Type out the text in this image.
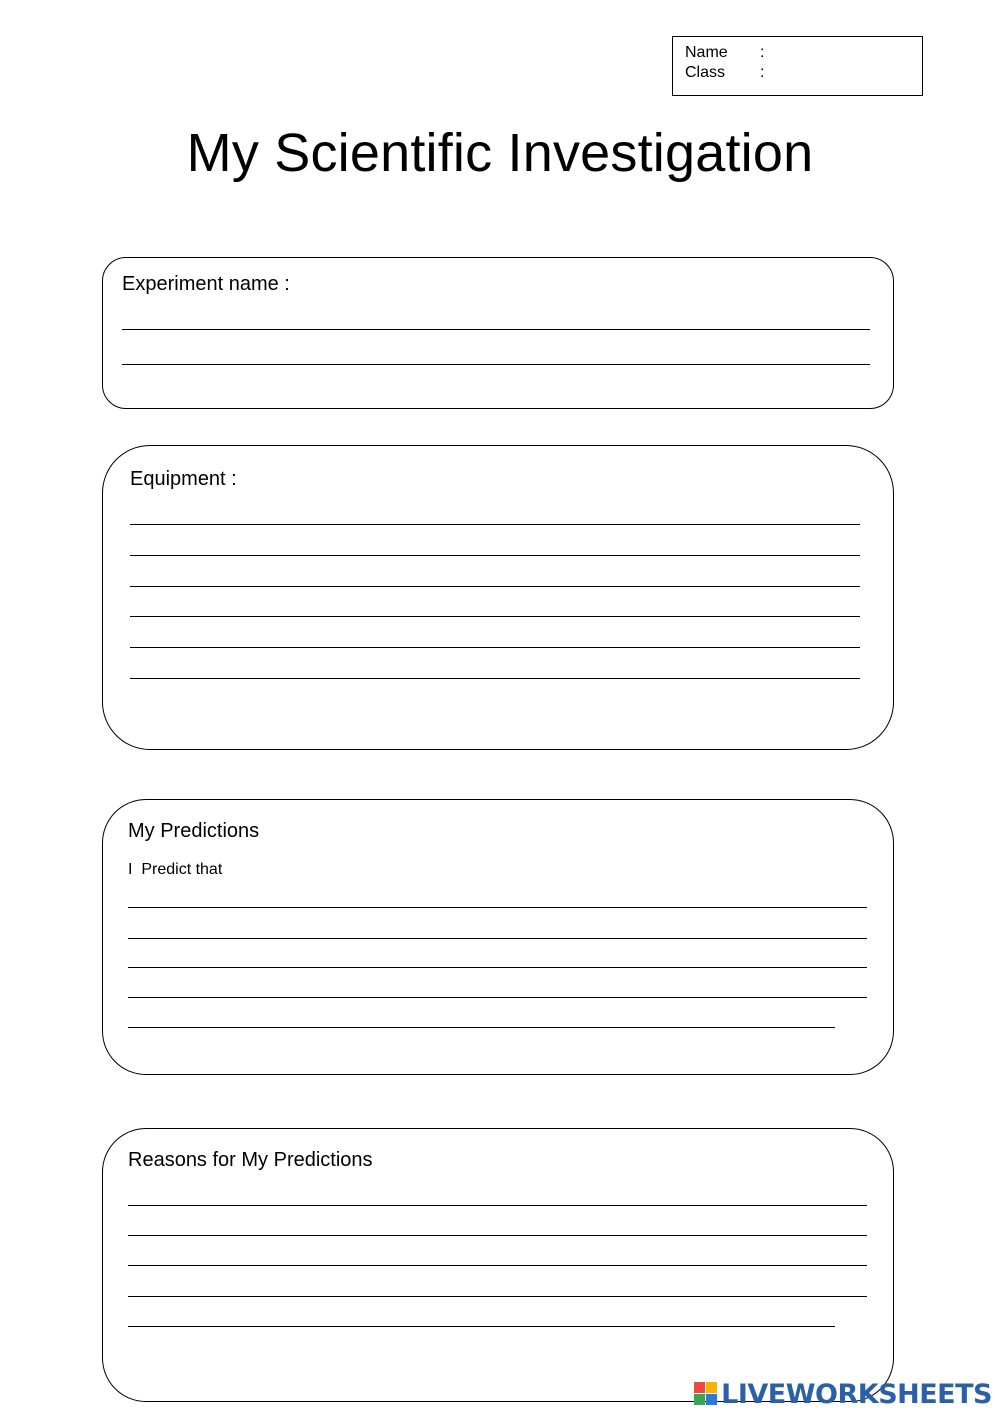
Name :
Class :
My Scientific Investigation
Experiment name :
Equipment :
My Predictions
I  Predict that
Reasons for My Predictions
LIVEWORKSHEETS
